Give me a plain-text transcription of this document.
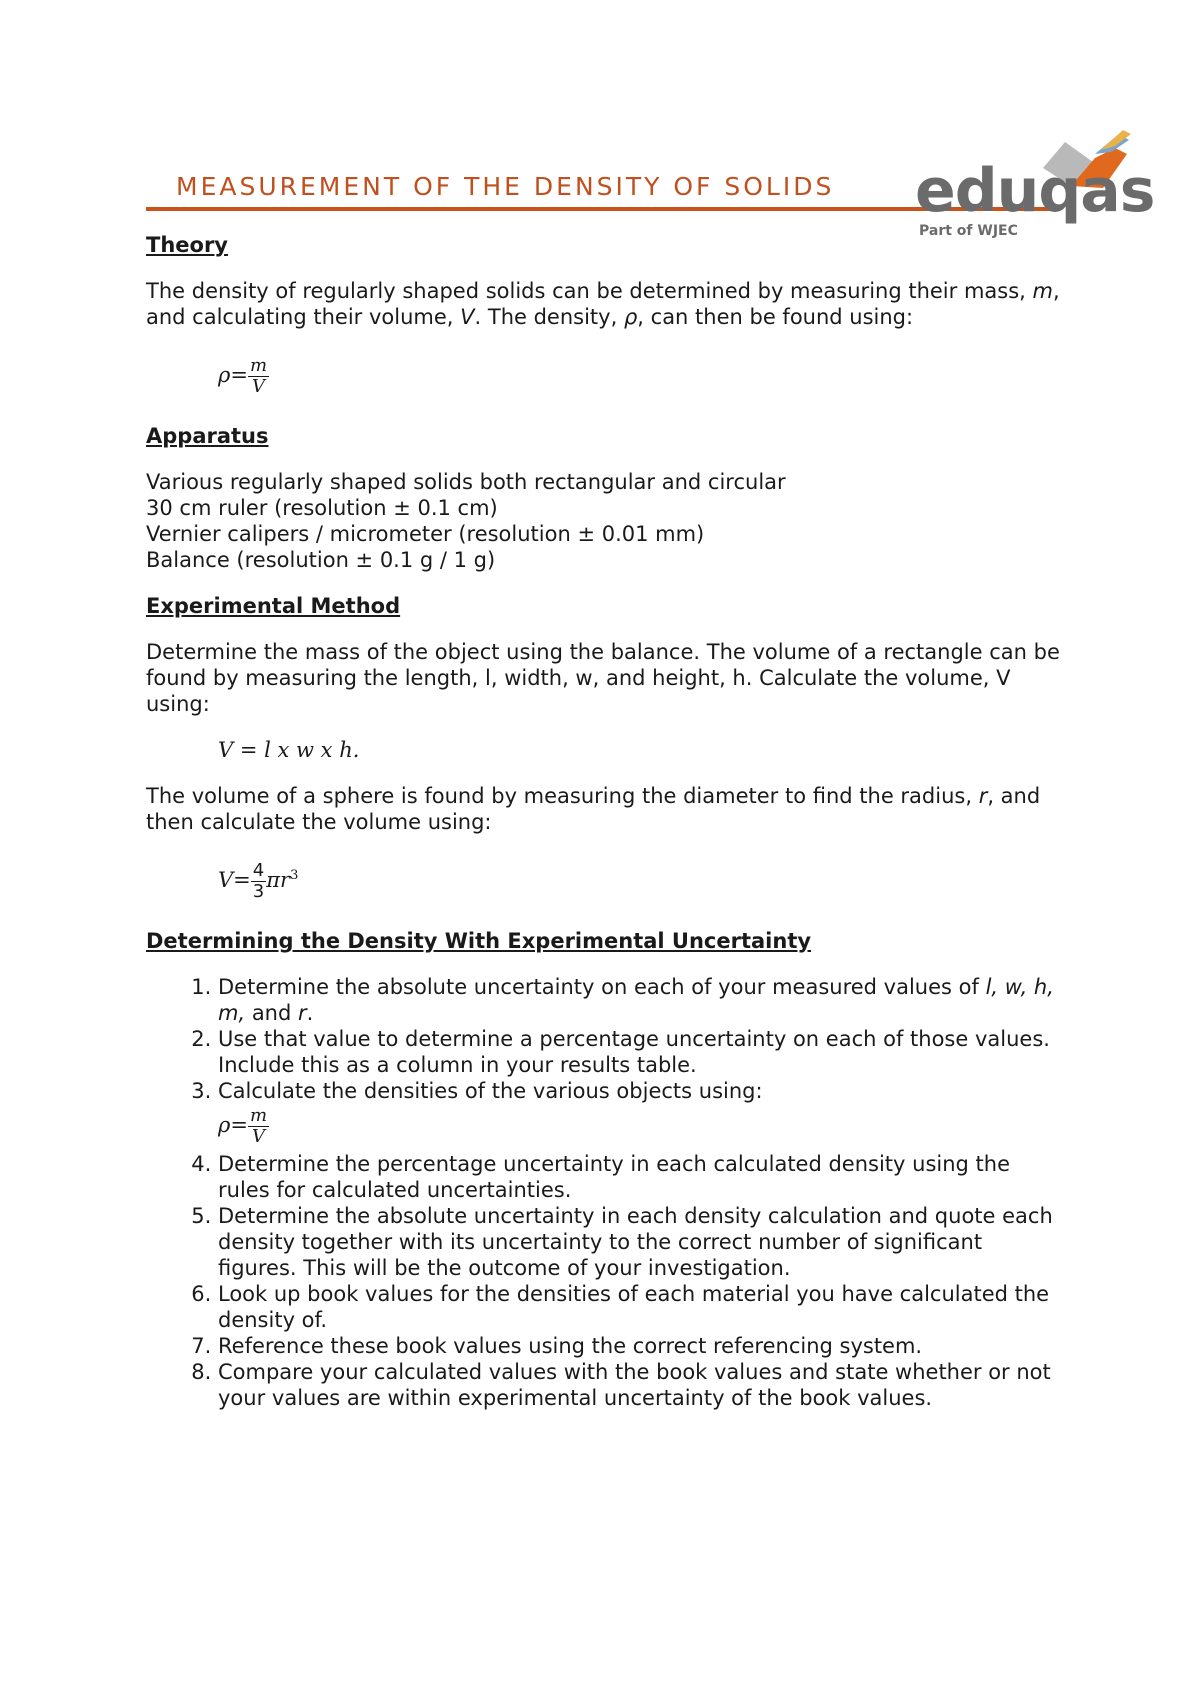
MEASUREMENT OF THE DENSITY OF SOLIDS eduqas
Part of WJEC
Theory

The density of regularly shaped solids can be determined by measuring their mass, m, and calculating their volume, V. The density, ρ, can then be found using:

$\rho= \frac{m}{V}$
Apparatus
Various regularly shaped solids both rectangular and circular
30 cm ruler (resolution ± 0.1 cm)
Vernier calipers / micrometer (resolution ± 0.01 mm)
Balance (resolution ± 0.1 g / 1 g)
Experimental Method

Determine the mass of the object using the balance. The volume of a rectangle can be found by measuring the length, l, width, w, and height, h. Calculate the volume, V using:

V = l x w x h.

The volume of a sphere is found by measuring the diameter to find the radius, r, and then calculate the volume using:

$V= \frac{4}{3} \pi r^3$
Determining the Density With Experimental Uncertainty
1. Determine the absolute uncertainty on each of your measured values of l, w, h, m, and r.
2. Use that value to determine a percentage uncertainty on each of those values. Include this as a column in your results table.
3. Calculate the densities of the various objects using:
$\rho= \frac{m}{V}$
4. Determine the percentage uncertainty in each calculated density using the rules for calculated uncertainties.
5. Determine the absolute uncertainty in each density calculation and quote each density together with its uncertainty to the correct number of significant figures. This will be the outcome of your investigation.
6. Look up book values for the densities of each material you have calculated the density of.
7. Reference these book values using the correct referencing system.
8. Compare your calculated values with the book values and state whether or not your values are within experimental uncertainty of the book values.
